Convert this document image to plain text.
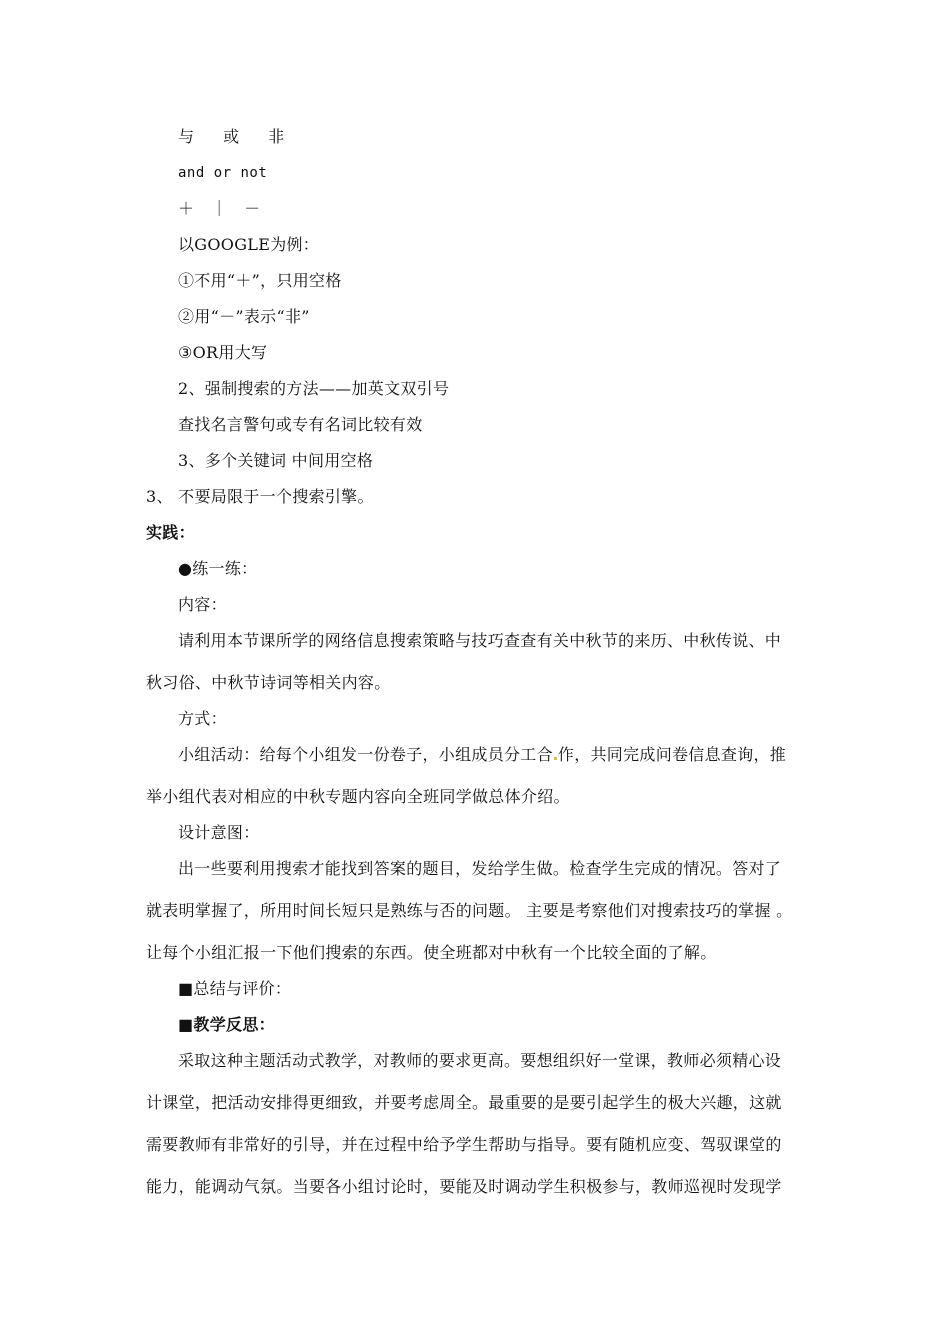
与 或 非
and or not
＋ ｜ －
以GOOGLE为例：
①不用“＋”，只用空格
②用“－”表示“非”
③OR用大写
2、强制搜索的方法——加英文双引号
查找名言警句或专有名词比较有效
3、多个关键词 中间用空格
3、 不要局限于一个搜索引擎。
实践：
●练一练：
内容：
请利用本节课所学的网络信息搜索策略与技巧查查有关中秋节的来历、中秋传说、中
秋习俗、中秋节诗词等相关内容。
方式：
小组活动：给每个小组发一份卷子，小组成员分工合 作，共同完成问卷信息查询，推
举小组代表对相应的中秋专题内容向全班同学做总体介绍。
设计意图：
出一些要利用搜索才能找到答案的题目，发给学生做。检查学生完成的情况。答对了
就表明掌握了，所用时间长短只是熟练与否的问题。 主要是考察他们对搜索技巧的掌握 。
让每个小组汇报一下他们搜索的东西。使全班都对中秋有一个比较全面的了解。
■总结与评价：
■教学反思：
采取这种主题活动式教学，对教师的要求更高。要想组织好一堂课，教师必须精心设
计课堂，把活动安排得更细致，并要考虑周全。最重要的是要引起学生的极大兴趣，这就
需要教师有非常好的引导，并在过程中给予学生帮助与指导。要有随机应变、驾驭课堂的
能力，能调动气氛。当要各小组讨论时，要能及时调动学生积极参与，教师巡视时发现学
